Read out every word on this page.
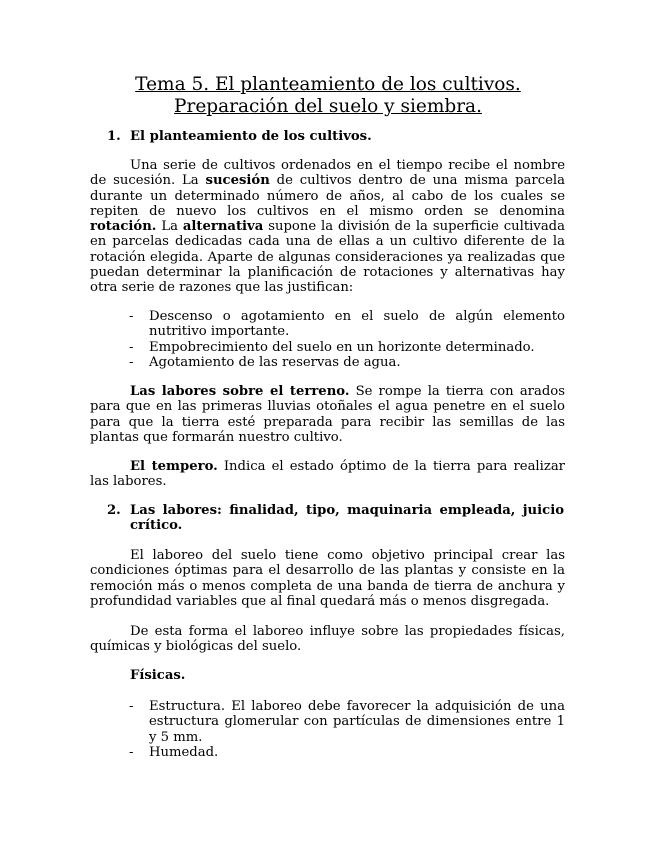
Tema 5. El planteamiento de los cultivos.
Preparación del suelo y siembra.
1. El planteamiento de los cultivos.
Una serie de cultivos ordenados en el tiempo recibe el nombre de sucesión. La sucesión de cultivos dentro de una misma parcela durante un determinado número de años, al cabo de los cuales se repiten de nuevo los cultivos en el mismo orden se denomina rotación. La alternativa supone la división de la superficie cultivada en parcelas dedicadas cada una de ellas a un cultivo diferente de la rotación elegida. Aparte de algunas consideraciones ya realizadas que puedan determinar la planificación de rotaciones y alternativas hay otra serie de razones que las justifican:
- Descenso o agotamiento en el suelo de algún elemento nutritivo importante.
- Empobrecimiento del suelo en un horizonte determinado.
- Agotamiento de las reservas de agua.
Las labores sobre el terreno. Se rompe la tierra con arados para que en las primeras lluvias otoñales el agua penetre en el suelo para que la tierra esté preparada para recibir las semillas de las plantas que formarán nuestro cultivo.
El tempero. Indica el estado óptimo de la tierra para realizar las labores.
2. Las labores: finalidad, tipo, maquinaria empleada, juicio crítico.
El laboreo del suelo tiene como objetivo principal crear las condiciones óptimas para el desarrollo de las plantas y consiste en la remoción más o menos completa de una banda de tierra de anchura y profundidad variables que al final quedará más o menos disgregada.
De esta forma el laboreo influye sobre las propiedades físicas, químicas y biológicas del suelo.
Físicas.
- Estructura. El laboreo debe favorecer la adquisición de una estructura glomerular con partículas de dimensiones entre 1 y 5 mm.
- Humedad.
